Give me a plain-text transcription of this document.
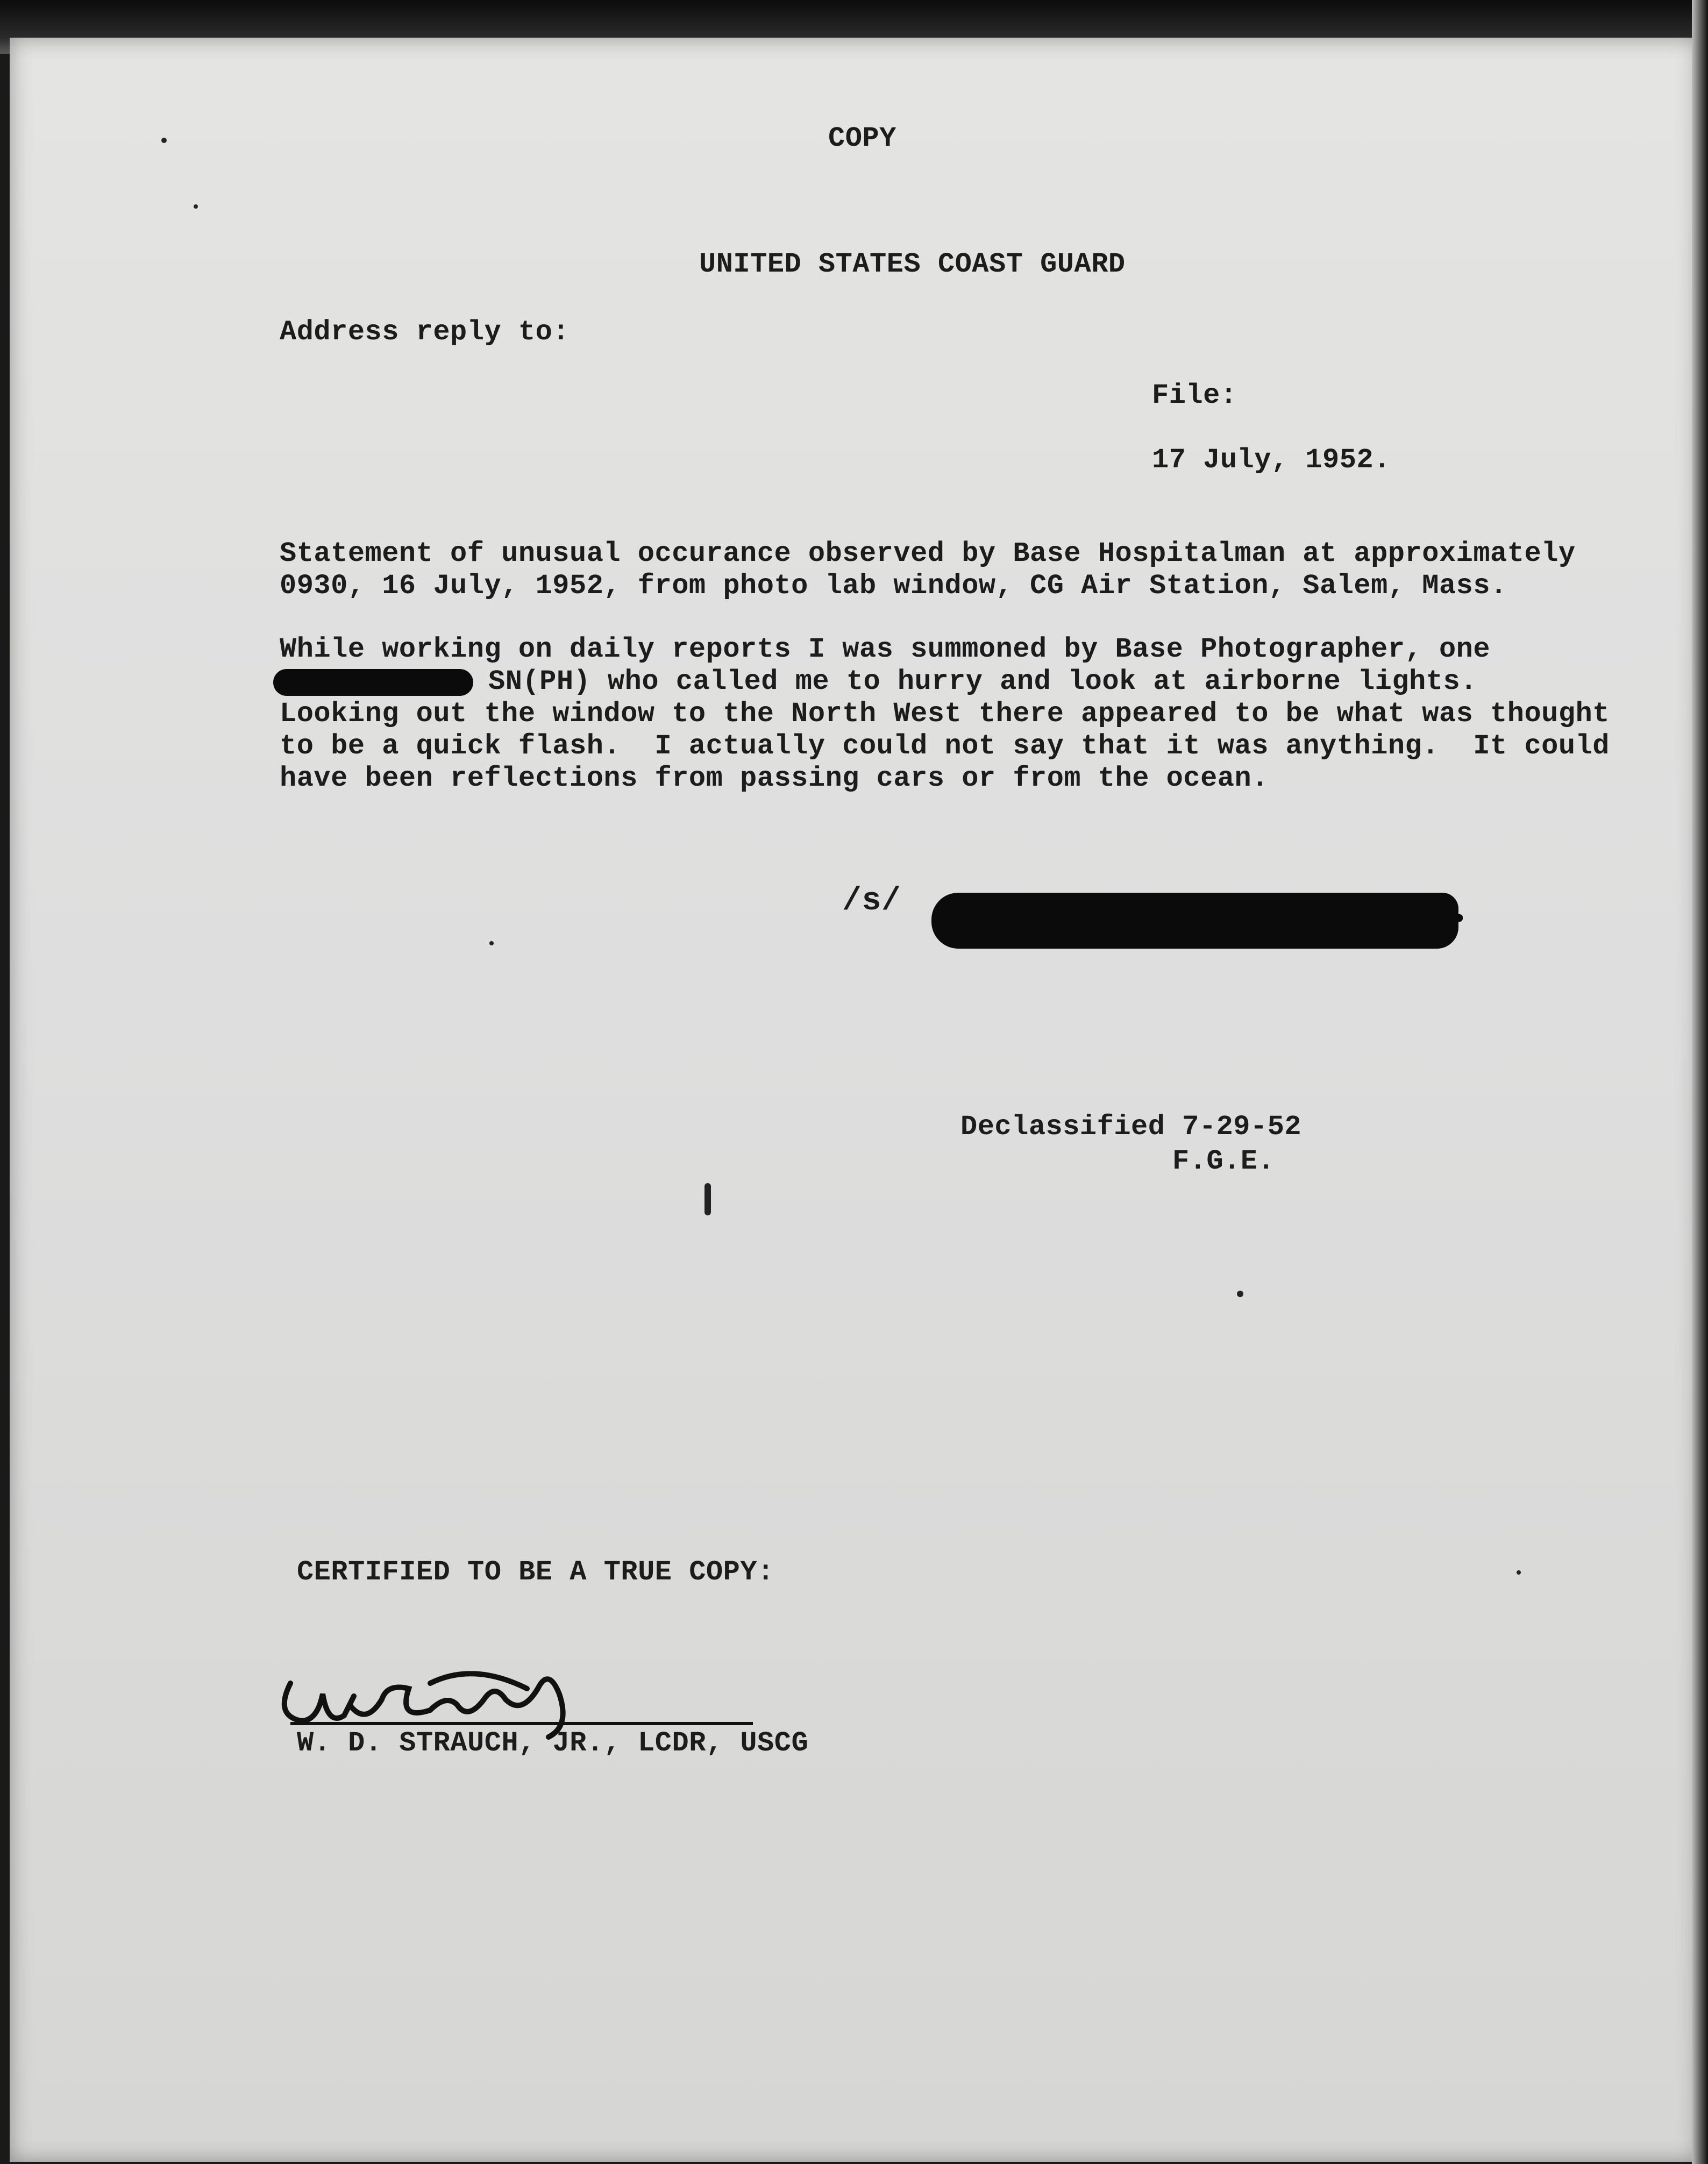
COPY
UNITED STATES COAST GUARD
Address reply to:
File:
17 July, 1952.
Statement of unusual occurance observed by Base Hospitalman at approximately
0930, 16 July, 1952, from photo lab window, CG Air Station, Salem, Mass.
While working on daily reports I was summoned by Base Photographer, one
SN(PH) who called me to hurry and look at airborne lights.
Looking out the window to the North West there appeared to be what was thought
to be a quick flash.  I actually could not say that it was anything.  It could
have been reflections from passing cars or from the ocean.
/s/
Declassified 7-29-52
F.G.E.
CERTIFIED TO BE A TRUE COPY:
W. D. STRAUCH, JR., LCDR, USCG
